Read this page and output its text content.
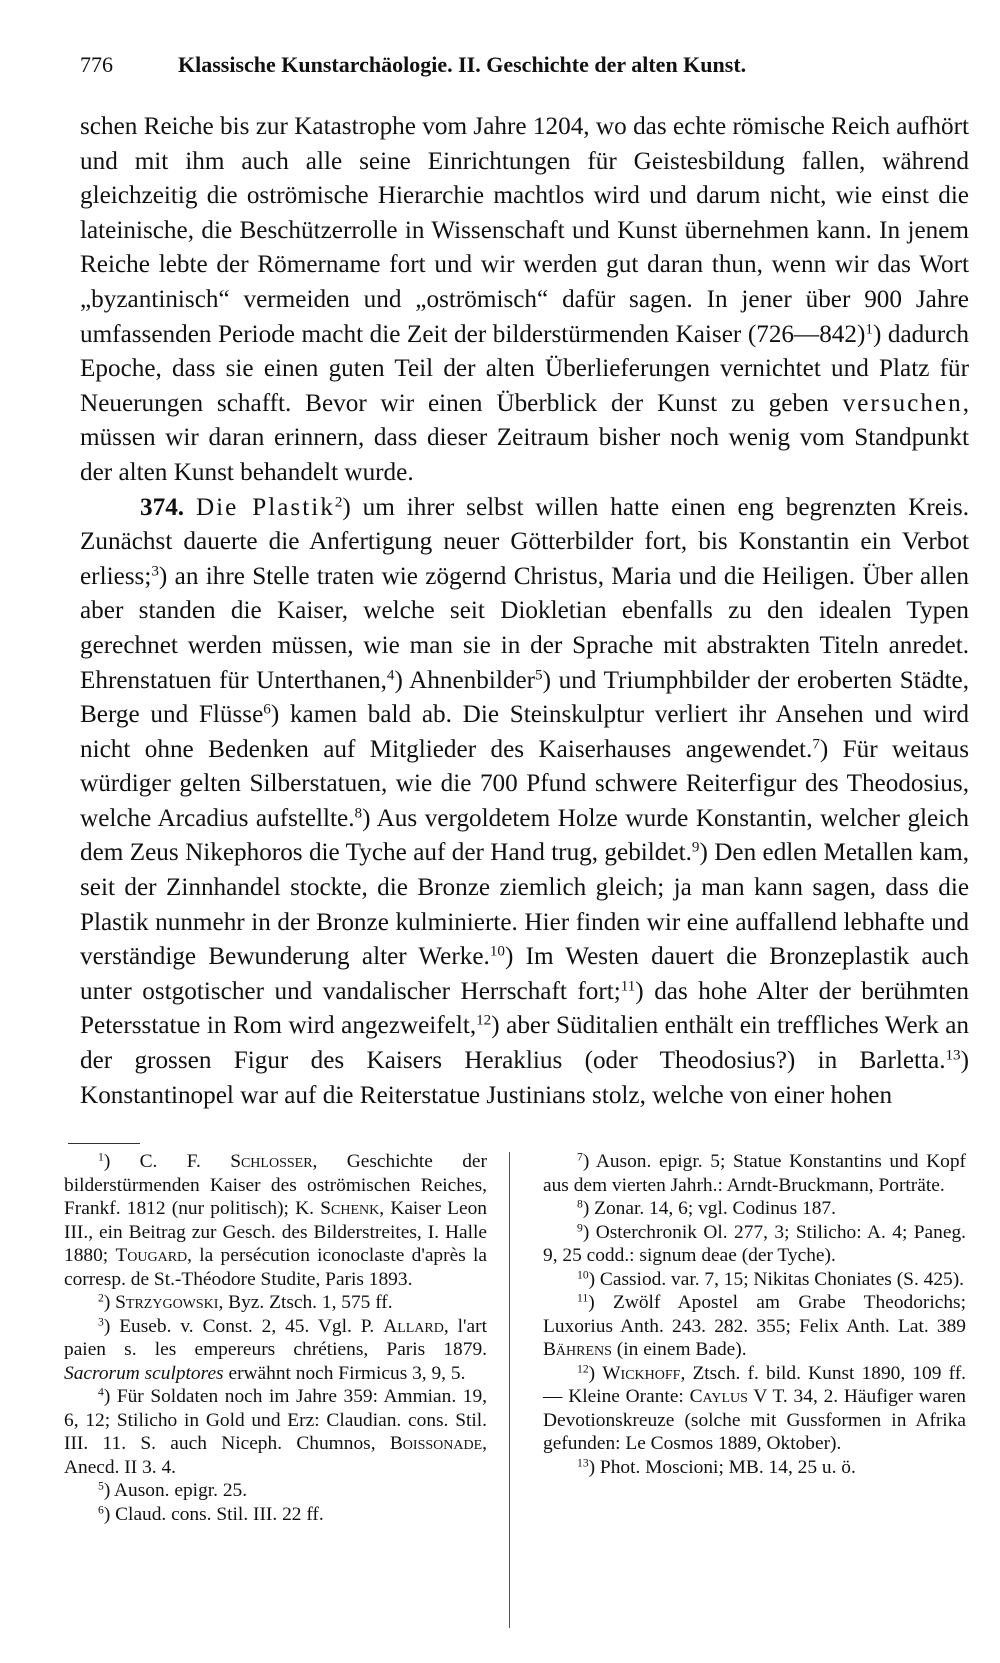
776	Klassische Kunstarchäologie. II. Geschichte der alten Kunst.

schen Reiche bis zur Katastrophe vom Jahre 1204, wo das echte römische Reich aufhört und mit ihm auch alle seine Einrichtungen für Geistesbildung fallen, während gleichzeitig die oströmische Hierarchie machtlos wird und darum nicht, wie einst die lateinische, die Beschützerrolle in Wissenschaft und Kunst übernehmen kann. In jenem Reiche lebte der Römername fort und wir werden gut daran thun, wenn wir das Wort „byzantinisch“ vermeiden und „oströmisch“ dafür sagen. In jener über 900 Jahre umfassenden Periode macht die Zeit der bilderstürmenden Kaiser (726—842)$^1$) dadurch Epoche, dass sie einen guten Teil der alten Überlieferungen vernichtet und Platz für Neuerungen schafft. Bevor wir einen Überblick der Kunst zu geben versuchen, müssen wir daran erinnern, dass dieser Zeitraum bisher noch wenig vom Standpunkt der alten Kunst behandelt wurde.

374. Die Plastik$^2$) um ihrer selbst willen hatte einen eng begrenzten Kreis. Zunächst dauerte die Anfertigung neuer Götterbilder fort, bis Konstantin ein Verbot erliess;$^3$) an ihre Stelle traten wie zögernd Christus, Maria und die Heiligen. Über allen aber standen die Kaiser, welche seit Diokletian ebenfalls zu den idealen Typen gerechnet werden müssen, wie man sie in der Sprache mit abstrakten Titeln anredet. Ehrenstatuen für Unterthanen,$^4$) Ahnenbilder$^5$) und Triumphbilder der eroberten Städte, Berge und Flüsse$^6$) kamen bald ab. Die Steinskulptur verliert ihr Ansehen und wird nicht ohne Bedenken auf Mitglieder des Kaiserhauses angewendet.$^7$) Für weitaus würdiger gelten Silberstatuen, wie die 700 Pfund schwere Reiterfigur des Theodosius, welche Arcadius aufstellte.$^8$) Aus vergoldetem Holze wurde Konstantin, welcher gleich dem Zeus Nikephoros die Tyche auf der Hand trug, gebildet.$^9$) Den edlen Metallen kam, seit der Zinnhandel stockte, die Bronze ziemlich gleich; ja man kann sagen, dass die Plastik nunmehr in der Bronze kulminierte. Hier finden wir eine auffallend lebhafte und verständige Bewunderung alter Werke.$^{10}$) Im Westen dauert die Bronzeplastik auch unter ostgotischer und vandalischer Herrschaft fort;$^{11}$) das hohe Alter der berühmten Petersstatue in Rom wird angezweifelt,$^{12}$) aber Süditalien enthält ein treffliches Werk an der grossen Figur des Kaisers Heraklius (oder Theodosius?) in Barletta.$^{13}$) Konstantinopel war auf die Reiterstatue Justinians stolz, welche von einer hohen

$^1$) C. F. Schlosser, Geschichte der bilderstürmenden Kaiser des oströmischen Reiches, Frankf. 1812 (nur politisch); K. Schenk, Kaiser Leon III., ein Beitrag zur Gesch. des Bilderstreites, I. Halle 1880; Tougard, la persécution iconoclaste d'après la corresp. de St.-Théodore Studite, Paris 1893.

$^2$) Strzygowski, Byz. Ztsch. 1, 575 ff.

$^3$) Euseb. v. Const. 2, 45. Vgl. P. Allard, l'art paien s. les empereurs chrétiens, Paris 1879. Sacrorum sculptores erwähnt noch Firmicus 3, 9, 5.

$^4$) Für Soldaten noch im Jahre 359: Ammian. 19, 6, 12; Stilicho in Gold und Erz: Claudian. cons. Stil. III. 11. S. auch Niceph. Chumnos, Boissonade, Anecd. II 3. 4.

$^5$) Auson. epigr. 25.

$^6$) Claud. cons. Stil. III. 22 ff.

$^7$) Auson. epigr. 5; Statue Konstantins und Kopf aus dem vierten Jahrh.: Arndt-Bruckmann, Porträte.

$^8$) Zonar. 14, 6; vgl. Codinus 187.

$^9$) Osterchronik Ol. 277, 3; Stilicho: A. 4; Paneg. 9, 25 codd.: signum deae (der Tyche).

$^{10}$) Cassiod. var. 7, 15; Nikitas Choniates (S. 425).

$^{11}$) Zwölf Apostel am Grabe Theodorichs; Luxorius Anth. 243. 282. 355; Felix Anth. Lat. 389 Bährens (in einem Bade).

$^{12}$) Wickhoff, Ztsch. f. bild. Kunst 1890, 109 ff. — Kleine Orante: Caylus V T. 34, 2. Häufiger waren Devotionskreuze (solche mit Gussformen in Afrika gefunden: Le Cosmos 1889, Oktober).

$^{13}$) Phot. Moscioni; MB. 14, 25 u. ö.
